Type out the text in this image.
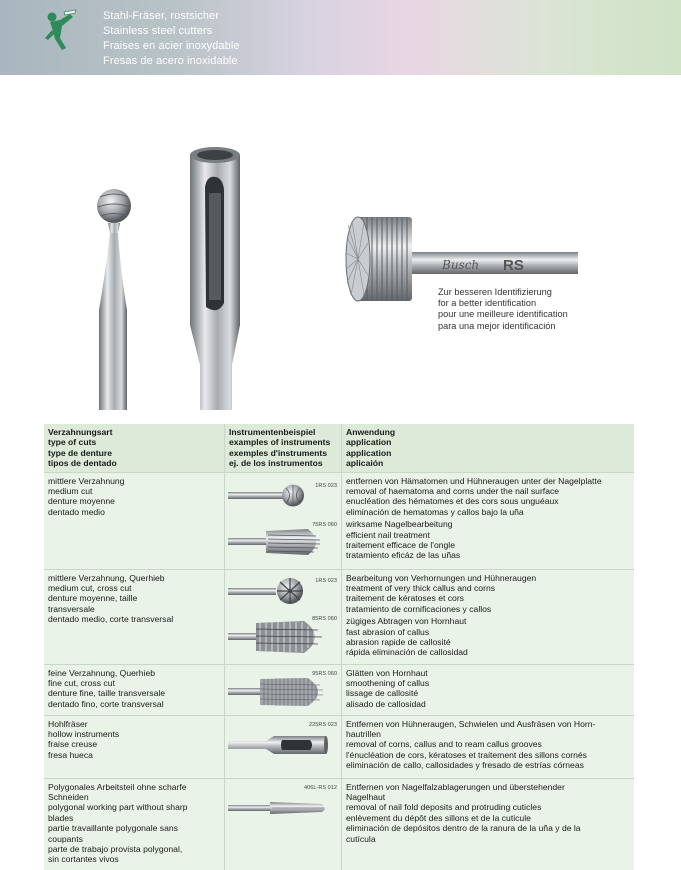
Stahl-Fräser, rostsicher
Stainless steel cutters
Fraises en acier inoxydable
Fresas de acero inoxidable
Busch RS
Zur besseren Identifizierung
for a better identification
pour une meilleure identification
para una mejor identificación
Verzahnungsart
type of cuts
type de denture
tipos de dentado
Instrumentenbeispiel
examples of instruments
exemples d'instruments
ej. de los instrumentos
Anwendung
application
application
aplicaión
mittlere Verzahnung
medium cut
denture moyenne
dentado medio
1RS 023
75RS 060
entfernen von Hämatomen und Hühneraugen unter der Nagelplatte
removal of haematoma and corns under the nail surface
enucléation des hématomes et des cors sous unguéaux
eliminación de hematomas y callos bajo la uña
wirksame Nagelbearbeitung
efficient nail treatment
traitement efficace de l'ongle
tratamiento eficáz de las uñas
mittlere Verzahnung, Querhieb
medium cut, cross cut
denture moyenne, taille
transversale
dentado medio, corte transversal
1RS 023
85RS 060
Bearbeitung von Verhornungen und Hühneraugen
treatment of very thick callus and corns
traitement de kératoses et cors
tratamiento de cornificaciones y callos
zügiges Abtragen von Hornhaut
fast abrasion of callus
abrasion rapide de callosité
rápida eliminación de callosidad
feine Verzahnung, Querhieb
fine cut, cross cut
denture fine, taille transversale
dentado fino, corte transversal
95RS 060 Glätten von Hornhaut
smoothening of callus
lissage de callosité
alisado de callosidad
Hohlfräser
hollow instruments
fraise creuse
fresa hueca
225RS 023 Entfernen von Hühneraugen, Schwielen und Ausfräsen von Horn-
hautrillen
removal of corns, callus and to ream callus grooves
l'énucléation de cors, kératoses et traitement des sillons cornés
eliminación de callo, callosidades y fresado de estrías córneas
Polygonales Arbeitsteil ohne scharfe
Schneiden
polygonal working part without sharp
blades
partie travaillante polygonale sans
coupants
parte de trabajo provista polygonal,
sin cortantes vivos
406L-RS 012 Entfernen von Nagelfalzablagerungen und überstehender
Nagelhaut
removal of nail fold deposits and protruding cuticles
enlèvement du dépôt des sillons et de la cuticule
eliminación de depósitos dentro de la ranura de la uña y de la
cutícula
